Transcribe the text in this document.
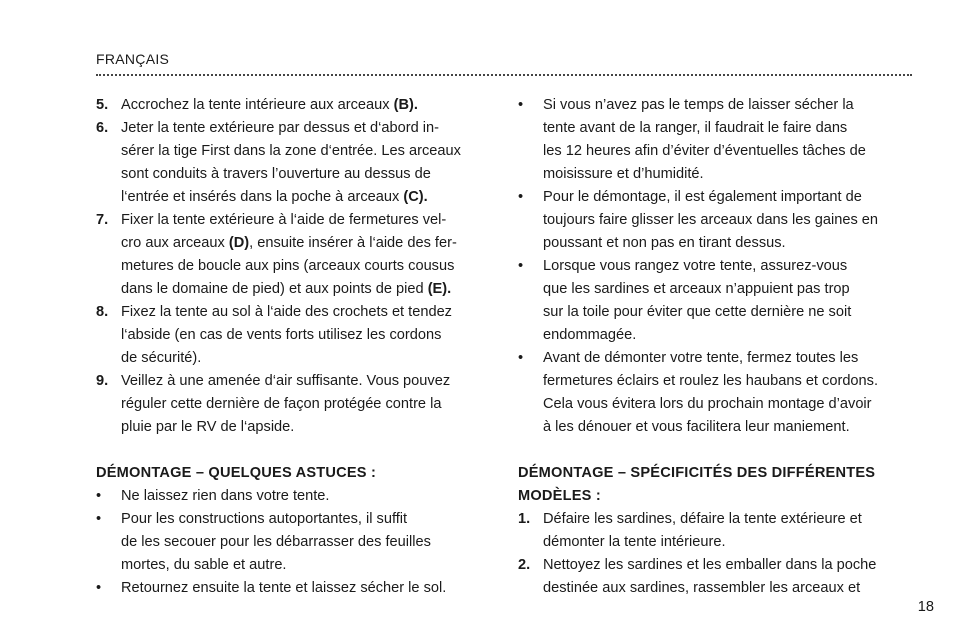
FRANÇAIS
5. Accrochez la tente intérieure aux arceaux (B).
6. Jeter la tente extérieure par dessus et d‘abord in-
sérer la tige First dans la zone d‘entrée. Les arceaux
sont conduits à travers l’ouverture au dessus de
l‘entrée et insérés dans la poche à arceaux (C).
7. Fixer la tente extérieure à l‘aide de fermetures vel-
cro aux arceaux (D), ensuite insérer à l‘aide des fer-
metures de boucle aux pins (arceaux courts cousus
dans le domaine de pied) et aux points de pied (E).
8. Fixez la tente au sol à l‘aide des crochets et tendez
l‘abside (en cas de vents forts utilisez les cordons
de sécurité).
9. Veillez à une amenée d‘air suffisante. Vous pouvez
réguler cette dernière de façon protégée contre la
pluie par le RV de l‘apside.
DÉMONTAGE – QUELQUES ASTUCES :
•	Ne laissez rien dans votre tente.
•	Pour les constructions autoportantes, il suffit
de les secouer pour les débarrasser des feuilles
mortes, du sable et autre.
•	Retournez ensuite la tente et laissez sécher le sol.
•	Si vous n’avez pas le temps de laisser sécher la
tente avant de la ranger, il faudrait le faire dans
les 12 heures afin d’éviter d’éventuelles tâches de
moisissure et d’humidité.
•	Pour le démontage, il est également important de
toujours faire glisser les arceaux dans les gaines en
poussant et non pas en tirant dessus.
•	Lorsque vous rangez votre tente, assurez-vous
que les sardines et arceaux n’appuient pas trop
sur la toile pour éviter que cette dernière ne soit
endommagée.
•	Avant de démonter votre tente, fermez toutes les
fermetures éclairs et roulez les haubans et cordons.
Cela vous évitera lors du prochain montage d’avoir
à les dénouer et vous facilitera leur maniement.
DÉMONTAGE – SPÉCIFICITÉS DES DIFFÉRENTES
MODÈLES :
1. Défaire les sardines, défaire la tente extérieure et
démonter la tente intérieure.
2. Nettoyez les sardines et les emballer dans la poche
destinée aux sardines, rassembler les arceaux et
18
